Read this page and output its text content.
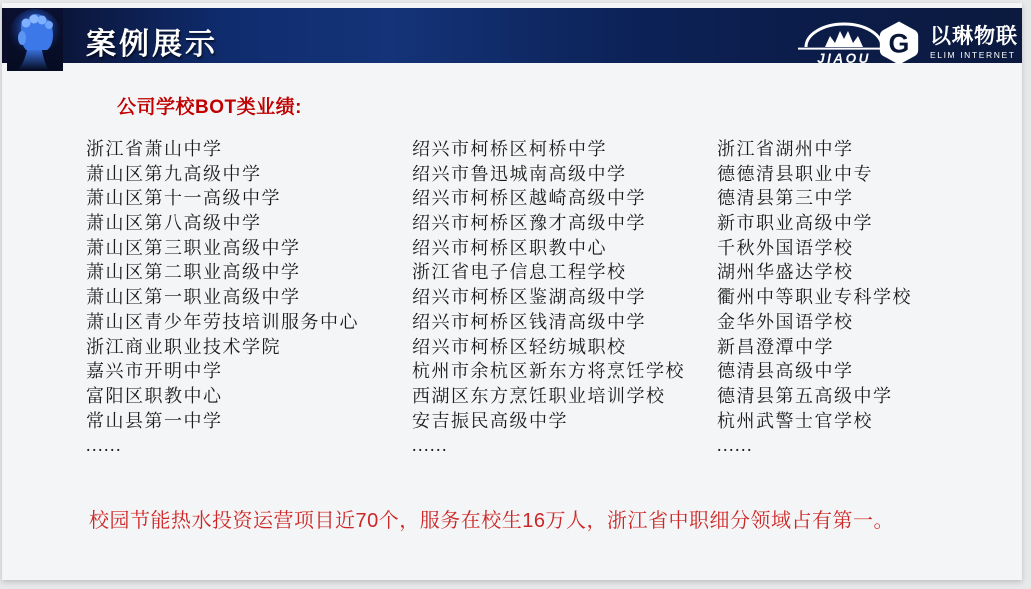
案例展示	JIAOU G 以琳物联
ELIM INTERNET
公司学校BOT类业绩:
浙江省萧山中学
萧山区第九高级中学
萧山区第十一高级中学
萧山区第八高级中学
萧山区第三职业高级中学
萧山区第二职业高级中学
萧山区第一职业高级中学
萧山区青少年劳技培训服务中心
浙江商业职业技术学院
嘉兴市开明中学
富阳区职教中心
常山县第一中学
......
绍兴市柯桥区柯桥中学
绍兴市鲁迅城南高级中学
绍兴市柯桥区越崎高级中学
绍兴市柯桥区豫才高级中学
绍兴市柯桥区职教中心
浙江省电子信息工程学校
绍兴市柯桥区鉴湖高级中学
绍兴市柯桥区钱清高级中学
绍兴市柯桥区轻纺城职校
杭州市余杭区新东方将烹饪学校
西湖区东方烹饪职业培训学校
安吉振民高级中学
......
浙江省湖州中学
德德清县职业中专
德清县第三中学
新市职业高级中学
千秋外国语学校
湖州华盛达学校
衢州中等职业专科学校
金华外国语学校
新昌澄潭中学
德清县高级中学
德清县第五高级中学
杭州武警士官学校
......
校园节能热水投资运营项目近70个，服务在校生16万人，浙江省中职细分领域占有第一。
